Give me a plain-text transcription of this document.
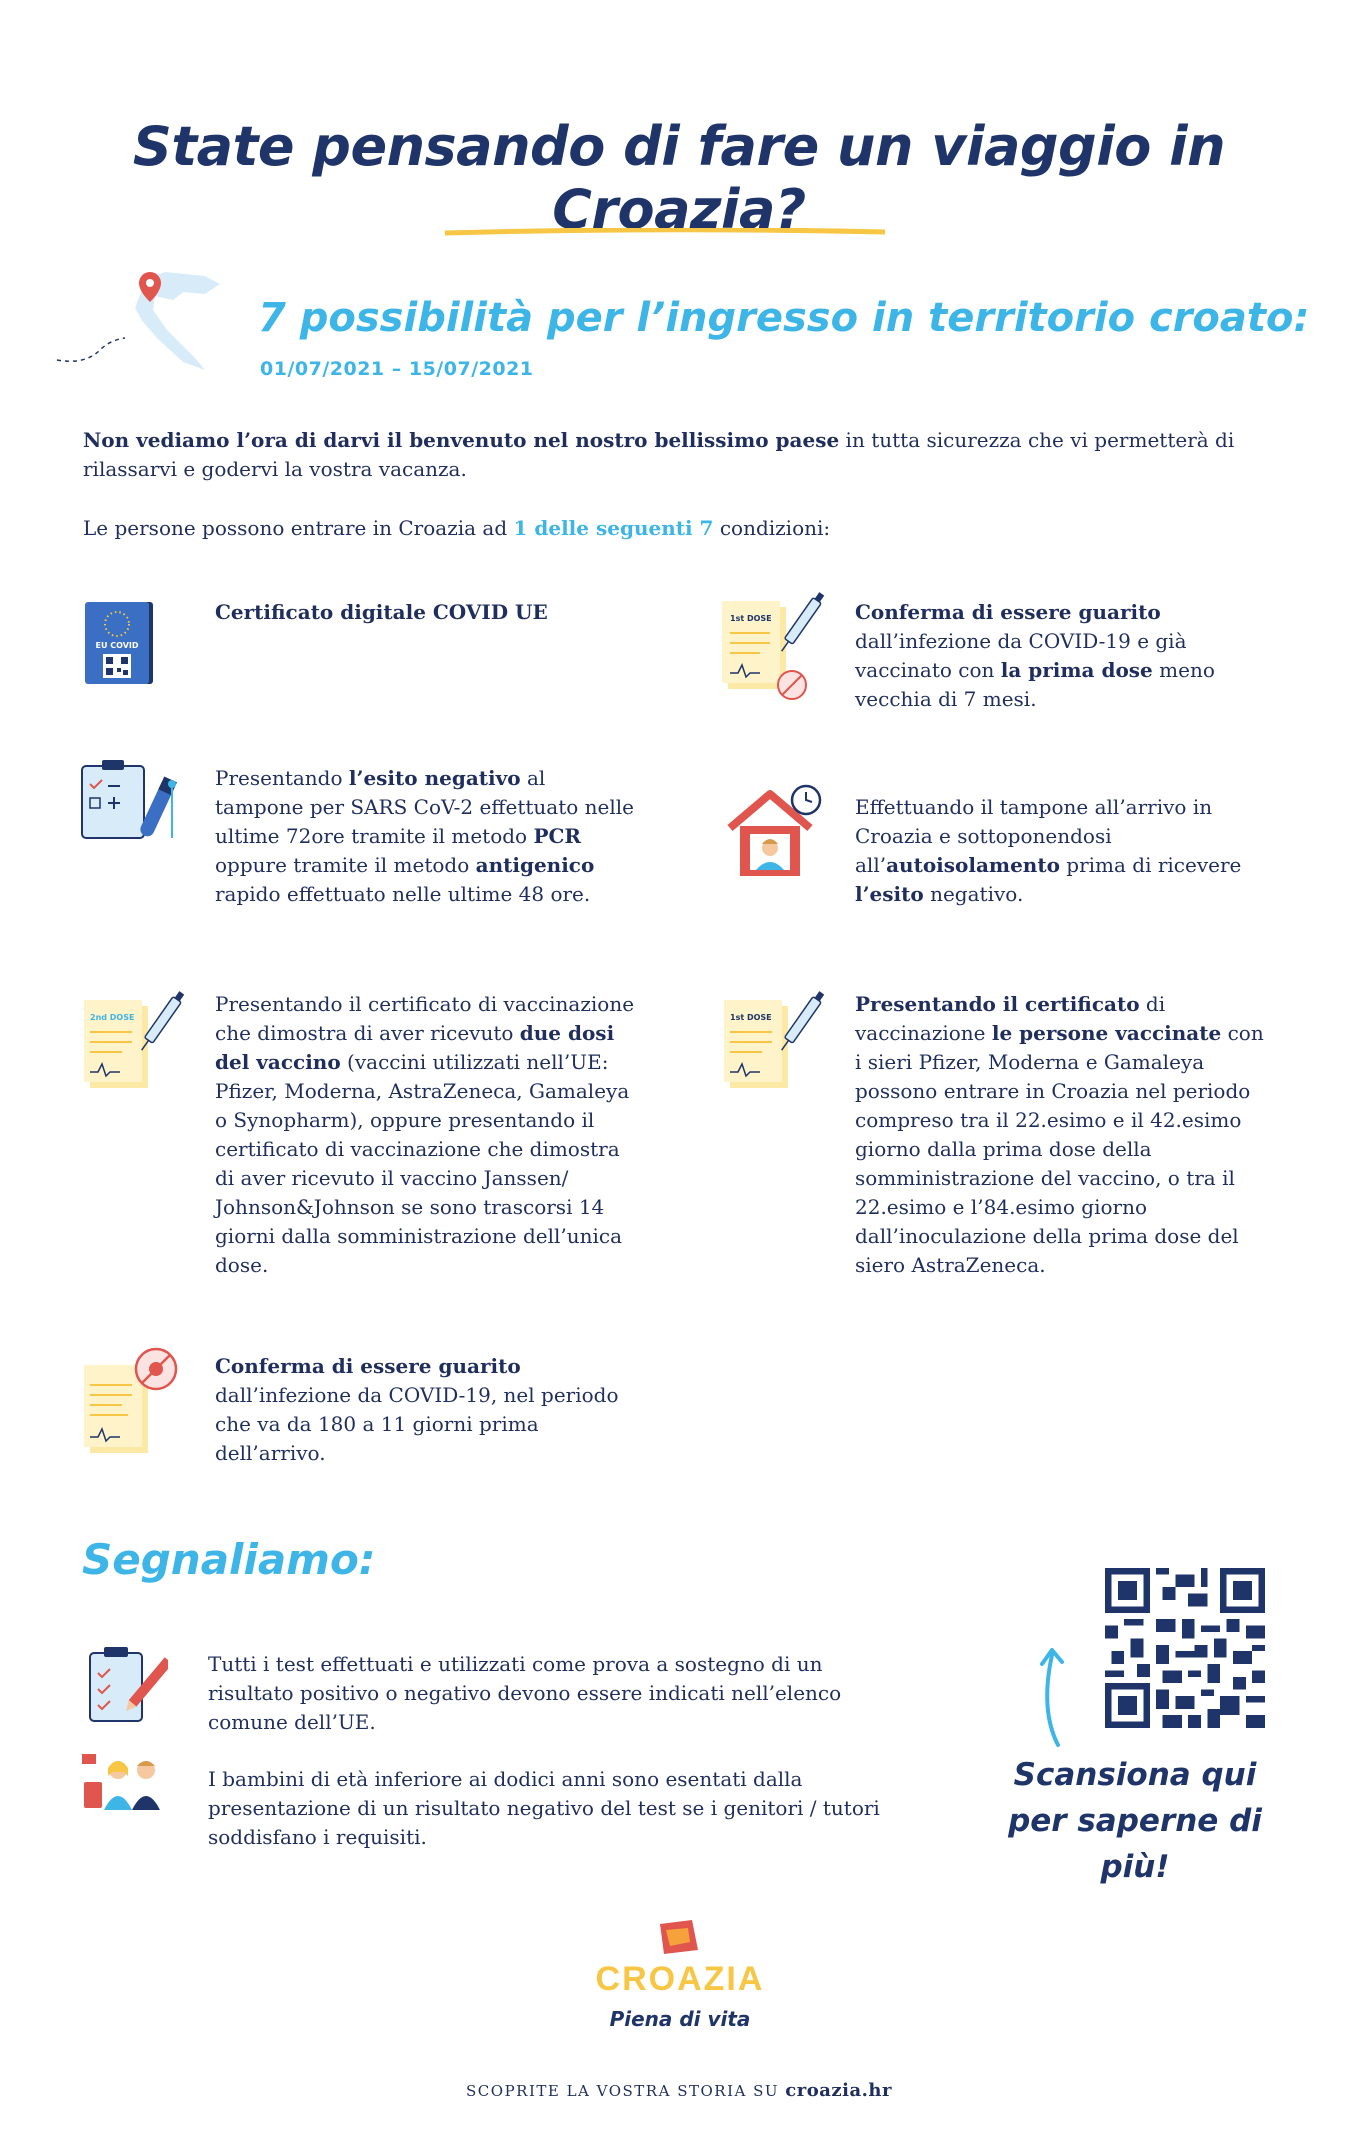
State pensando di fare un viaggio in Croazia?
7 possibilità per l’ingresso in territorio croato:
01/07/2021 – 15/07/2021
Non vediamo l’ora di darvi il benvenuto nel nostro bellissimo paese in tutta sicurezza che vi permetterà di rilassarvi e godervi la vostra vacanza.
Le persone possono entrare in Croazia ad 1 delle seguenti 7 condizioni:
EU COVID
Certificato digitale COVID UE	1st DOSE	Conferma di essere guarito dall’infezione da COVID-19 e già vaccinato con la prima dose meno vecchia di 7 mesi.
Presentando l’esito negativo al tampone per SARS CoV-2 effettuato nelle ultime 72ore tramite il metodo PCR oppure tramite il metodo antigenico rapido effettuato nelle ultime 48 ore.
Effettuando il tampone all’arrivo in Croazia e sottoponendosi all’autoisolamento prima di ricevere l’esito negativo.
2nd DOSE
Presentando il certificato di vaccinazione che dimostra di aver ricevuto due dosi del vaccino (vaccini utilizzati nell’UE: Pfizer, Moderna, AstraZeneca, Gamaleya o Synopharm), oppure presentando il certificato di vaccinazione che dimostra di aver ricevuto il vaccino Janssen/ Johnson&Johnson se sono trascorsi 14 giorni dalla somministrazione dell’unica dose.
1st DOSE
Presentando il certificato di vaccinazione le persone vaccinate con i sieri Pfizer, Moderna e Gamaleya possono entrare in Croazia nel periodo compreso tra il 22.esimo e il 42.esimo giorno dalla prima dose della somministrazione del vaccino, o tra il 22.esimo e l’84.esimo giorno dall’inoculazione della prima dose del siero AstraZeneca.
Conferma di essere guarito dall’infezione da COVID-19, nel periodo che va da 180 a 11 giorni prima dell’arrivo.
Segnaliamo:
Tutti i test effettuati e utilizzati come prova a sostegno di un risultato positivo o negativo devono essere indicati nell’elenco comune dell’UE.
I bambini di età inferiore ai dodici anni sono esentati dalla presentazione di un risultato negativo del test se i genitori / tutori soddisfano i requisiti.
Scansiona qui per saperne di più!
CROAZIA
Piena di vita
SCOPRITE LA VOSTRA STORIA SU croazia.hr
